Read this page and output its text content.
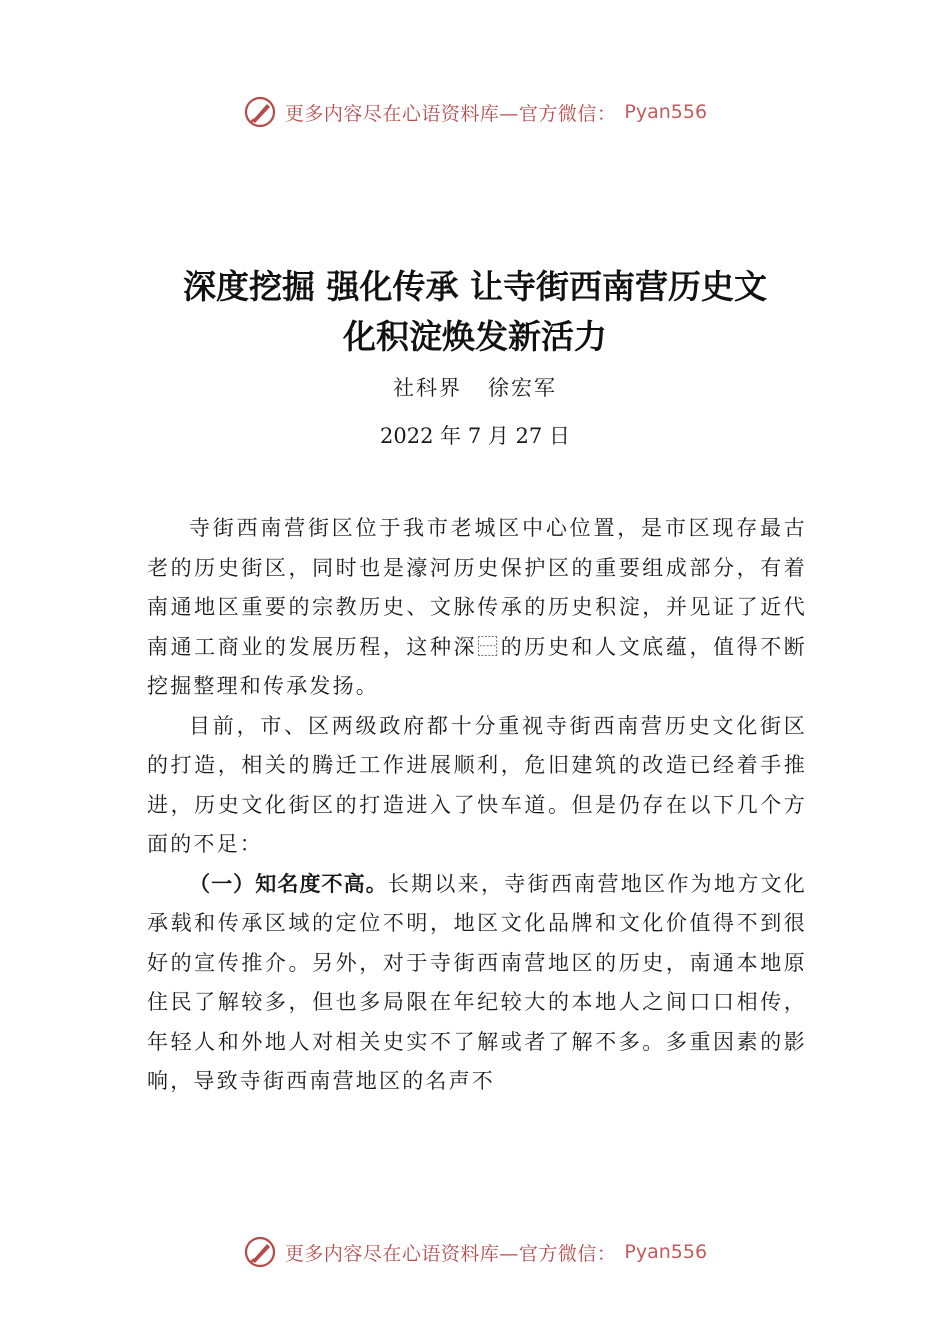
更多内容尽在心语资料库—官方微信： Pyan556
深度挖掘 强化传承 让寺街西南营历史文
化积淀焕发新活力
社科界 徐宏军
2022 年 7 月 27 日

寺街西南营街区位于我市老城区中心位置，是市区现存最古老的历史街区，同时也是濠河历史保护区的重要组成部分，有着南通地区重要的宗教历史、文脉传承的历史积淀，并见证了近代南通工商业的发展历程，这种深⿱的历史和人文底蕴，值得不断挖掘整理和传承发扬。

目前，市、区两级政府都十分重视寺街西南营历史文化街区的打造，相关的腾迁工作进展顺利，危旧建筑的改造已经着手推进，历史文化街区的打造进入了快车道。但是仍存在以下几个方面的不足：

（一）知名度不高。长期以来，寺街西南营地区作为地方文化承载和传承区域的定位不明，地区文化品牌和文化价值得不到很好的宣传推介。另外，对于寺街西南营地区的历史，南通本地原住民了解较多，但也多局限在年纪较大的本地人之间口口相传，年轻人和外地人对相关史实不了解或者了解不多。多重因素的影响，导致寺街西南营地区的名声不

更多内容尽在心语资料库—官方微信： Pyan556
